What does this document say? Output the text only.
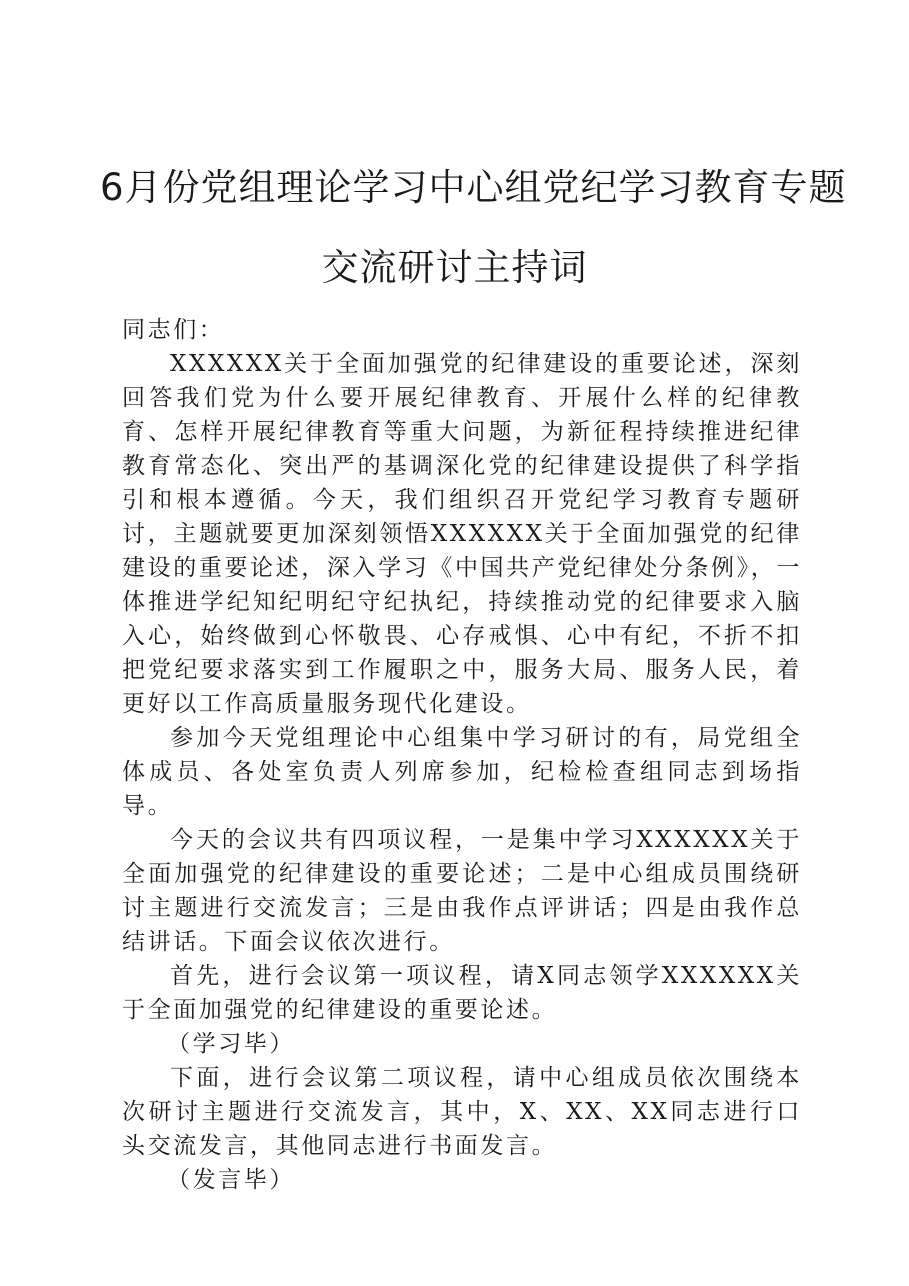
6月份党组理论学习中心组党纪学习教育专题
交流研讨主持词

同志们：

XXXXXX关于全面加强党的纪律建设的重要论述，深刻回答我们党为什么要开展纪律教育、开展什么样的纪律教育、怎样开展纪律教育等重大问题，为新征程持续推进纪律教育常态化、突出严的基调深化党的纪律建设提供了科学指引和根本遵循。今天，我们组织召开党纪学习教育专题研讨，主题就要更加深刻领悟XXXXXX关于全面加强党的纪律建设的重要论述，深入学习《中国共产党纪律处分条例》，一体推进学纪知纪明纪守纪执纪，持续推动党的纪律要求入脑入心，始终做到心怀敬畏、心存戒惧、心中有纪，不折不扣把党纪要求落实到工作履职之中，服务大局、服务人民，着更好以工作高质量服务现代化建设。

参加今天党组理论中心组集中学习研讨的有，局党组全体成员、各处室负责人列席参加，纪检检查组同志到场指导。

今天的会议共有四项议程，一是集中学习XXXXXX关于全面加强党的纪律建设的重要论述；二是中心组成员围绕研讨主题进行交流发言；三是由我作点评讲话；四是由我作总结讲话。下面会议依次进行。

首先，进行会议第一项议程，请X同志领学XXXXXX关于全面加强党的纪律建设的重要论述。

（学习毕）

下面，进行会议第二项议程，请中心组成员依次围绕本次研讨主题进行交流发言，其中，X、XX、XX同志进行口头交流发言，其他同志进行书面发言。

（发言毕）
